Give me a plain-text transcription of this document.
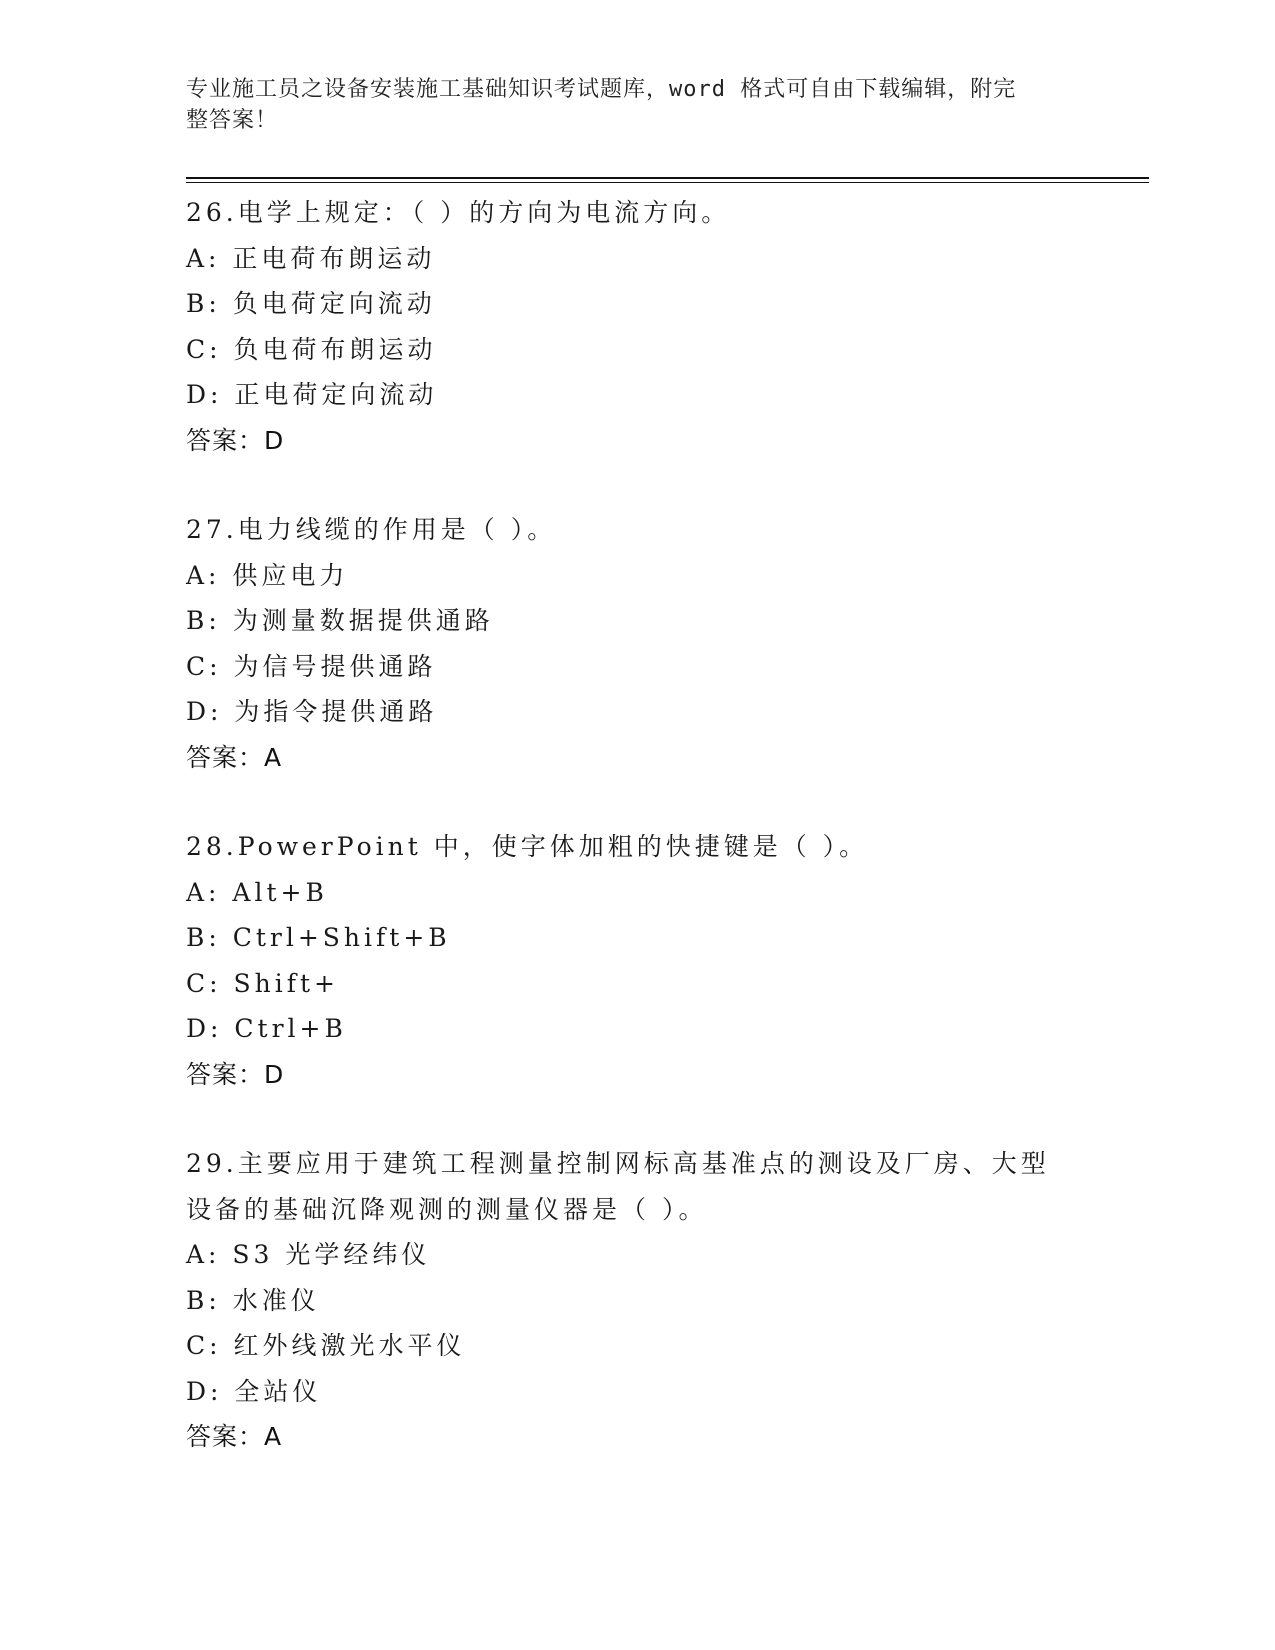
专业施工员之设备安装施工基础知识考试题库，word 格式可自由下载编辑，附完
整答案！
26.电学上规定：（ ）的方向为电流方向。
A: 正电荷布朗运动
B: 负电荷定向流动
C: 负电荷布朗运动
D: 正电荷定向流动
答案：D
27.电力线缆的作用是（ ）。
A: 供应电力
B: 为测量数据提供通路
C: 为信号提供通路
D: 为指令提供通路
答案：A
28.PowerPoint 中，使字体加粗的快捷键是（ ）。
A: Alt+B
B: Ctrl+Shift+B
C: Shift+
D: Ctrl+B
答案：D
29.主要应用于建筑工程测量控制网标高基准点的测设及厂房、大型设备的基础沉降观测的测量仪器是（ ）。
A: S3 光学经纬仪
B: 水准仪
C: 红外线激光水平仪
D: 全站仪
答案：A
